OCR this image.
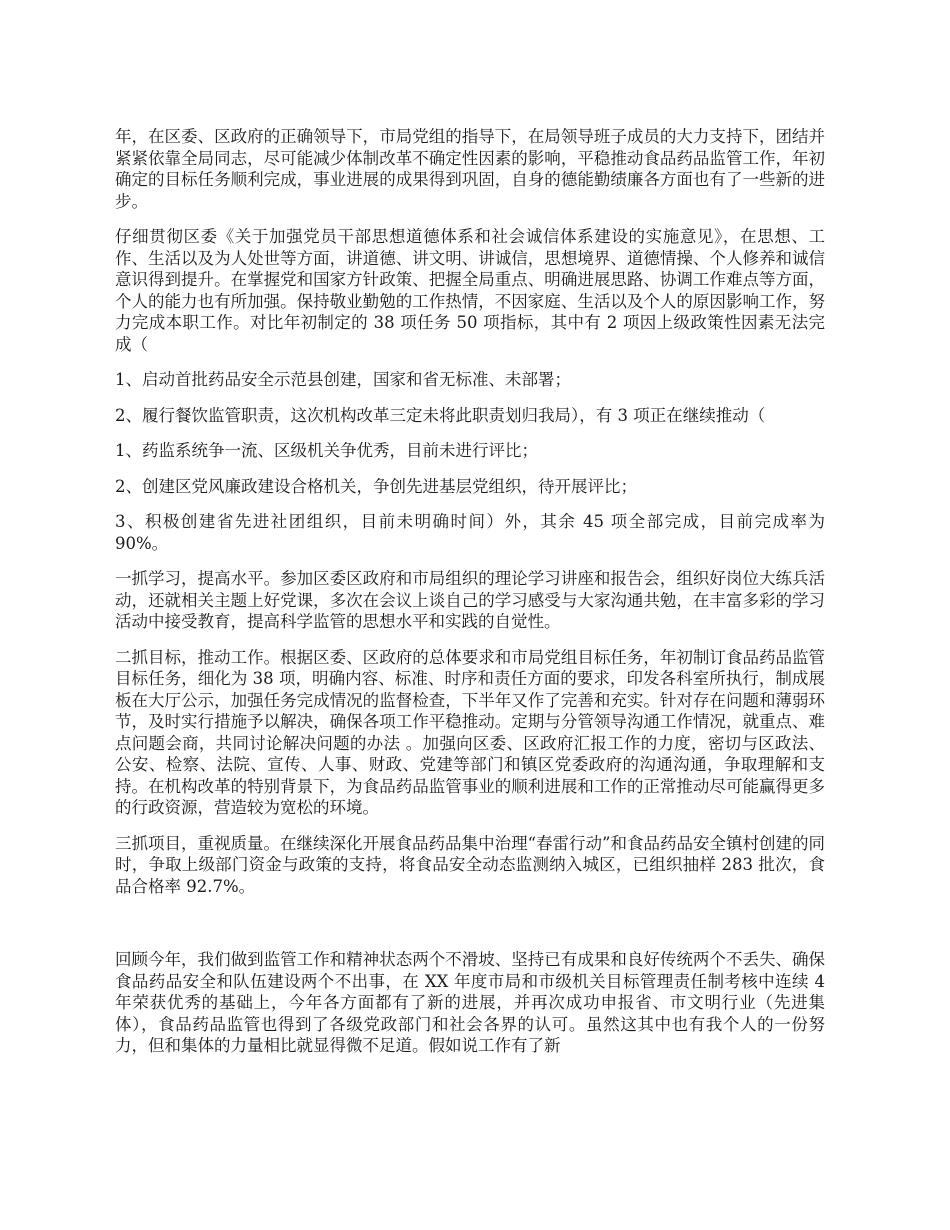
年，在区委、区政府的正确领导下，市局党组的指导下，在局领导班子成员的大力支持下，团结并紧紧依靠全局同志，尽可能减少体制改革不确定性因素的影响，平稳推动食品药品监管工作，年初确定的目标任务顺利完成，事业进展的成果得到巩固，自身的德能勤绩廉各方面也有了一些新的进步。

仔细贯彻区委《关于加强党员干部思想道德体系和社会诚信体系建设的实施意见》，在思想、工作、生活以及为人处世等方面，讲道德、讲文明、讲诚信，思想境界、道德情操、个人修养和诚信意识得到提升。在掌握党和国家方针政策、把握全局重点、明确进展思路、协调工作难点等方面，个人的能力也有所加强。保持敬业勤勉的工作热情，不因家庭、生活以及个人的原因影响工作，努力完成本职工作。对比年初制定的 38 项任务 50 项指标，其中有 2 项因上级政策性因素无法完成（

1、启动首批药品安全示范县创建，国家和省无标准、未部署；

2、履行餐饮监管职责，这次机构改革三定未将此职责划归我局），有 3 项正在继续推动（

1、药监系统争一流、区级机关争优秀，目前未进行评比；

2、创建区党风廉政建设合格机关，争创先进基层党组织，待开展评比；

3、积极创建省先进社团组织，目前未明确时间）外，其余 45 项全部完成，目前完成率为 90%。

一抓学习，提高水平。参加区委区政府和市局组织的理论学习讲座和报告会，组织好岗位大练兵活动，还就相关主题上好党课，多次在会议上谈自己的学习感受与大家沟通共勉，在丰富多彩的学习活动中接受教育，提高科学监管的思想水平和实践的自觉性。

二抓目标，推动工作。根据区委、区政府的总体要求和市局党组目标任务，年初制订食品药品监管目标任务，细化为 38 项，明确内容、标准、时序和责任方面的要求，印发各科室所执行，制成展板在大厅公示，加强任务完成情况的监督检查，下半年又作了完善和充实。针对存在问题和薄弱环节，及时实行措施予以解决，确保各项工作平稳推动。定期与分管领导沟通工作情况，就重点、难点问题会商，共同讨论解决问题的办法 。加强向区委、区政府汇报工作的力度，密切与区政法、公安、检察、法院、宣传、人事、财政、党建等部门和镇区党委政府的沟通沟通，争取理解和支持。在机构改革的特别背景下，为食品药品监管事业的顺利进展和工作的正常推动尽可能赢得更多的行政资源，营造较为宽松的环境。

三抓项目，重视质量。在继续深化开展食品药品集中治理“春雷行动”和食品药品安全镇村创建的同时，争取上级部门资金与政策的支持，将食品安全动态监测纳入城区，已组织抽样 283 批次，食品合格率 92.7%。

回顾今年，我们做到监管工作和精神状态两个不滑坡、坚持已有成果和良好传统两个不丢失、确保食品药品安全和队伍建设两个不出事，在 XX 年度市局和市级机关目标管理责任制考核中连续 4 年荣获优秀的基础上，今年各方面都有了新的进展，并再次成功申报省、市文明行业（先进集体），食品药品监管也得到了各级党政部门和社会各界的认可。虽然这其中也有我个人的一份努力，但和集体的力量相比就显得微不足道。假如说工作有了新
